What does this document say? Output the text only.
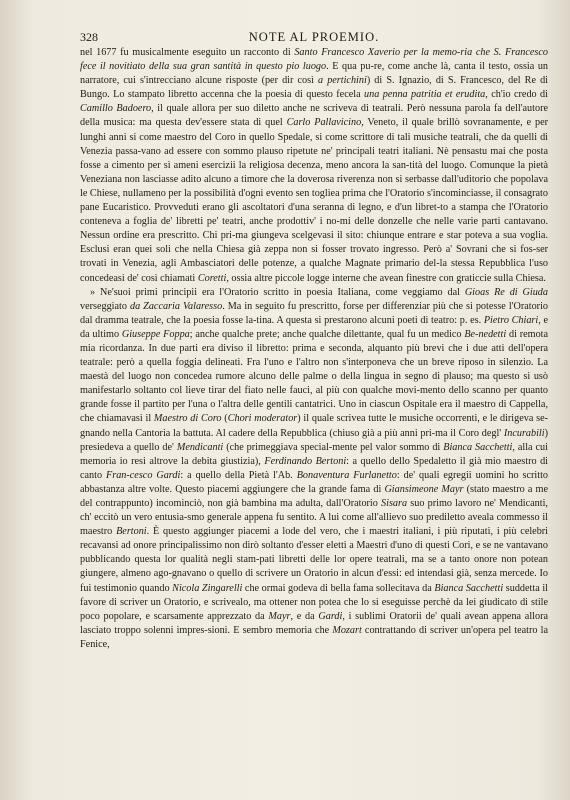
328	NOTE AL PROEMIO.

nel 1677 fu musicalmente eseguito un racconto di Santo Francesco Xaverio per la memo-ria che S. Francesco fece il novitiato della sua gran santità in questo pio luogo. E qua pu-re, come anche là, canta il testo, ossia un narratore, cui s'intrecciano alcune risposte (per dir così a pertichini) di S. Ignazio, di S. Francesco, del Re di Bungo. Lo stampato libretto accenna che la poesia di questo fecela una penna patritia et erudita, ch'io credo di Camillo Badoero, il quale allora per suo diletto anche ne scriveva di teatrali. Però nessuna parola fa dell'autore della musica: ma questa dev'essere stata di quel Carlo Pallavicino, Veneto, il quale brillò sovranamente, e per lunghi anni si come maestro del Coro in quello Spedale, si come scrittore di tali musiche teatrali, che da quelli di Venezia passa-vano ad essere con sommo plauso ripetute ne' principali teatri italiani. Nè pensastu mai che posta fosse a cimento per sì ameni esercizii la religiosa decenza, meno ancora la san-tità del luogo. Comunque la pietà Veneziana non lasciasse adito alcuno a timore che la doverosa riverenza non si serbasse dall'uditorio che popolava le Chiese, nullameno per la possibilità d'ogni evento sen togliea prima che l'Oratorio s'incominciasse, il consagrato pane Eucaristico. Provveduti erano gli ascoltatori d'una seranna di legno, e d'un libret-to a stampa che l'Oratorio conteneva a foglia de' libretti pe' teatri, anche prodottiv' i no-mi delle donzelle che nelle varie parti cantavano. Nessun ordine era prescritto. Chi pri-ma giungeva scelgevasi il sito: chiunque entrare e star poteva a sua voglia. Esclusi eran quei soli che nella Chiesa già zeppa non si fosser trovato ingresso. Però a' Sovrani che si fos-ser trovati in Venezia, agli Ambasciatori delle potenze, a qualche Magnate primario del-la stessa Repubblica l'uso concedeasi de' così chiamati Coretti, ossia altre piccole logge interne che avean finestre con graticcie sulla Chiesa.

» Ne'suoi primi principii era l'Oratorio scritto in poesia Italiana, come veggiamo dal Gioas Re di Giuda verseggiato da Zaccaria Valaresso. Ma in seguito fu prescritto, forse per differenziar più che si potesse l'Oratorio dal dramma teatrale, che la poesia fosse la-tina. A questa si prestarono alcuni poeti di teatro: p. es. Pietro Chiari, e da ultimo Giuseppe Foppa; anche qualche prete; anche qualche dilettante, qual fu un medico Be-nedetti di remota mia ricordanza. In due parti era diviso il libretto: prima e seconda, alquanto più brevi che i due atti dell'opera teatrale: però a quella foggia delineati. Fra l'uno e l'altro non s'interponeva che un breve riposo in silenzio. La maestà del luogo non concedea rumore alcuno delle palme o della lingua in segno di plauso; ma questo si usò manifestarlo soltanto col lieve tirar del fiato nelle fauci, al più con qualche movi-mento dello scanno per quanto grande fosse il partito per l'una o l'altra delle gentili cantatrici. Uno in ciascun Ospitale era il maestro di Cappella, che chiamavasi il Maestro di Coro (Chori moderator) il quale scrivea tutte le musiche occorrenti, e le dirigeva se-gnando nella Cantoria la battuta. Al cadere della Repubblica (chiuso già a più anni pri-ma il Coro degl' Incurabili) presiedeva a quello de' Mendicanti (che primeggiava special-mente pel valor sommo di Bianca Sacchetti, alla cui memoria io resi altrove la debita giustizia), Ferdinando Bertoni: a quello dello Spedaletto il già mio maestro di canto Fran-cesco Gardi: a quello della Pietà l'Ab. Bonaventura Furlanetto: de' quali egregii uomini ho scritto abbastanza altre volte. Questo piacemi aggiungere che la grande fama di Giansimeone Mayr (stato maestro a me del contrappunto) incominciò, non già bambina ma adulta, dall'Oratorio Sisara suo primo lavoro ne' Mendicanti, ch' eccitò un vero entusia-smo generale appena fu sentito. A lui come all'allievo suo prediletto aveala commesso il maestro Bertoni. È questo aggiunger piacemi a lode del vero, che i maestri italiani, i più riputati, i più celebri recavansi ad onore principalissimo non dirò soltanto d'esser eletti a Maestri d'uno di questi Cori, e se ne vantavano pubblicando questa lor qualità negli stam-pati libretti delle lor opere teatrali, ma se a tanto onore non potean giungere, almeno ago-gnavano o quello di scrivere un Oratorio in alcun d'essi: ed intendasi già, senza mercede. Io fui testimonio quando Nicola Zingarelli che ormai godeva di bella fama sollecitava da Bianca Sacchetti suddetta il favore di scriver un Oratorio, e scrivealo, ma ottener non potea che lo si eseguisse perchè da lei giudicato di stile poco popolare, e scarsamente apprezzato da Mayr, e da Gardi, i sublimi Oratorii de' quali avean appena allora lasciato troppo solenni impres-sioni. E sembro memoria che Mozart contrattando di scriver un'opera pel teatro la Fenice,
